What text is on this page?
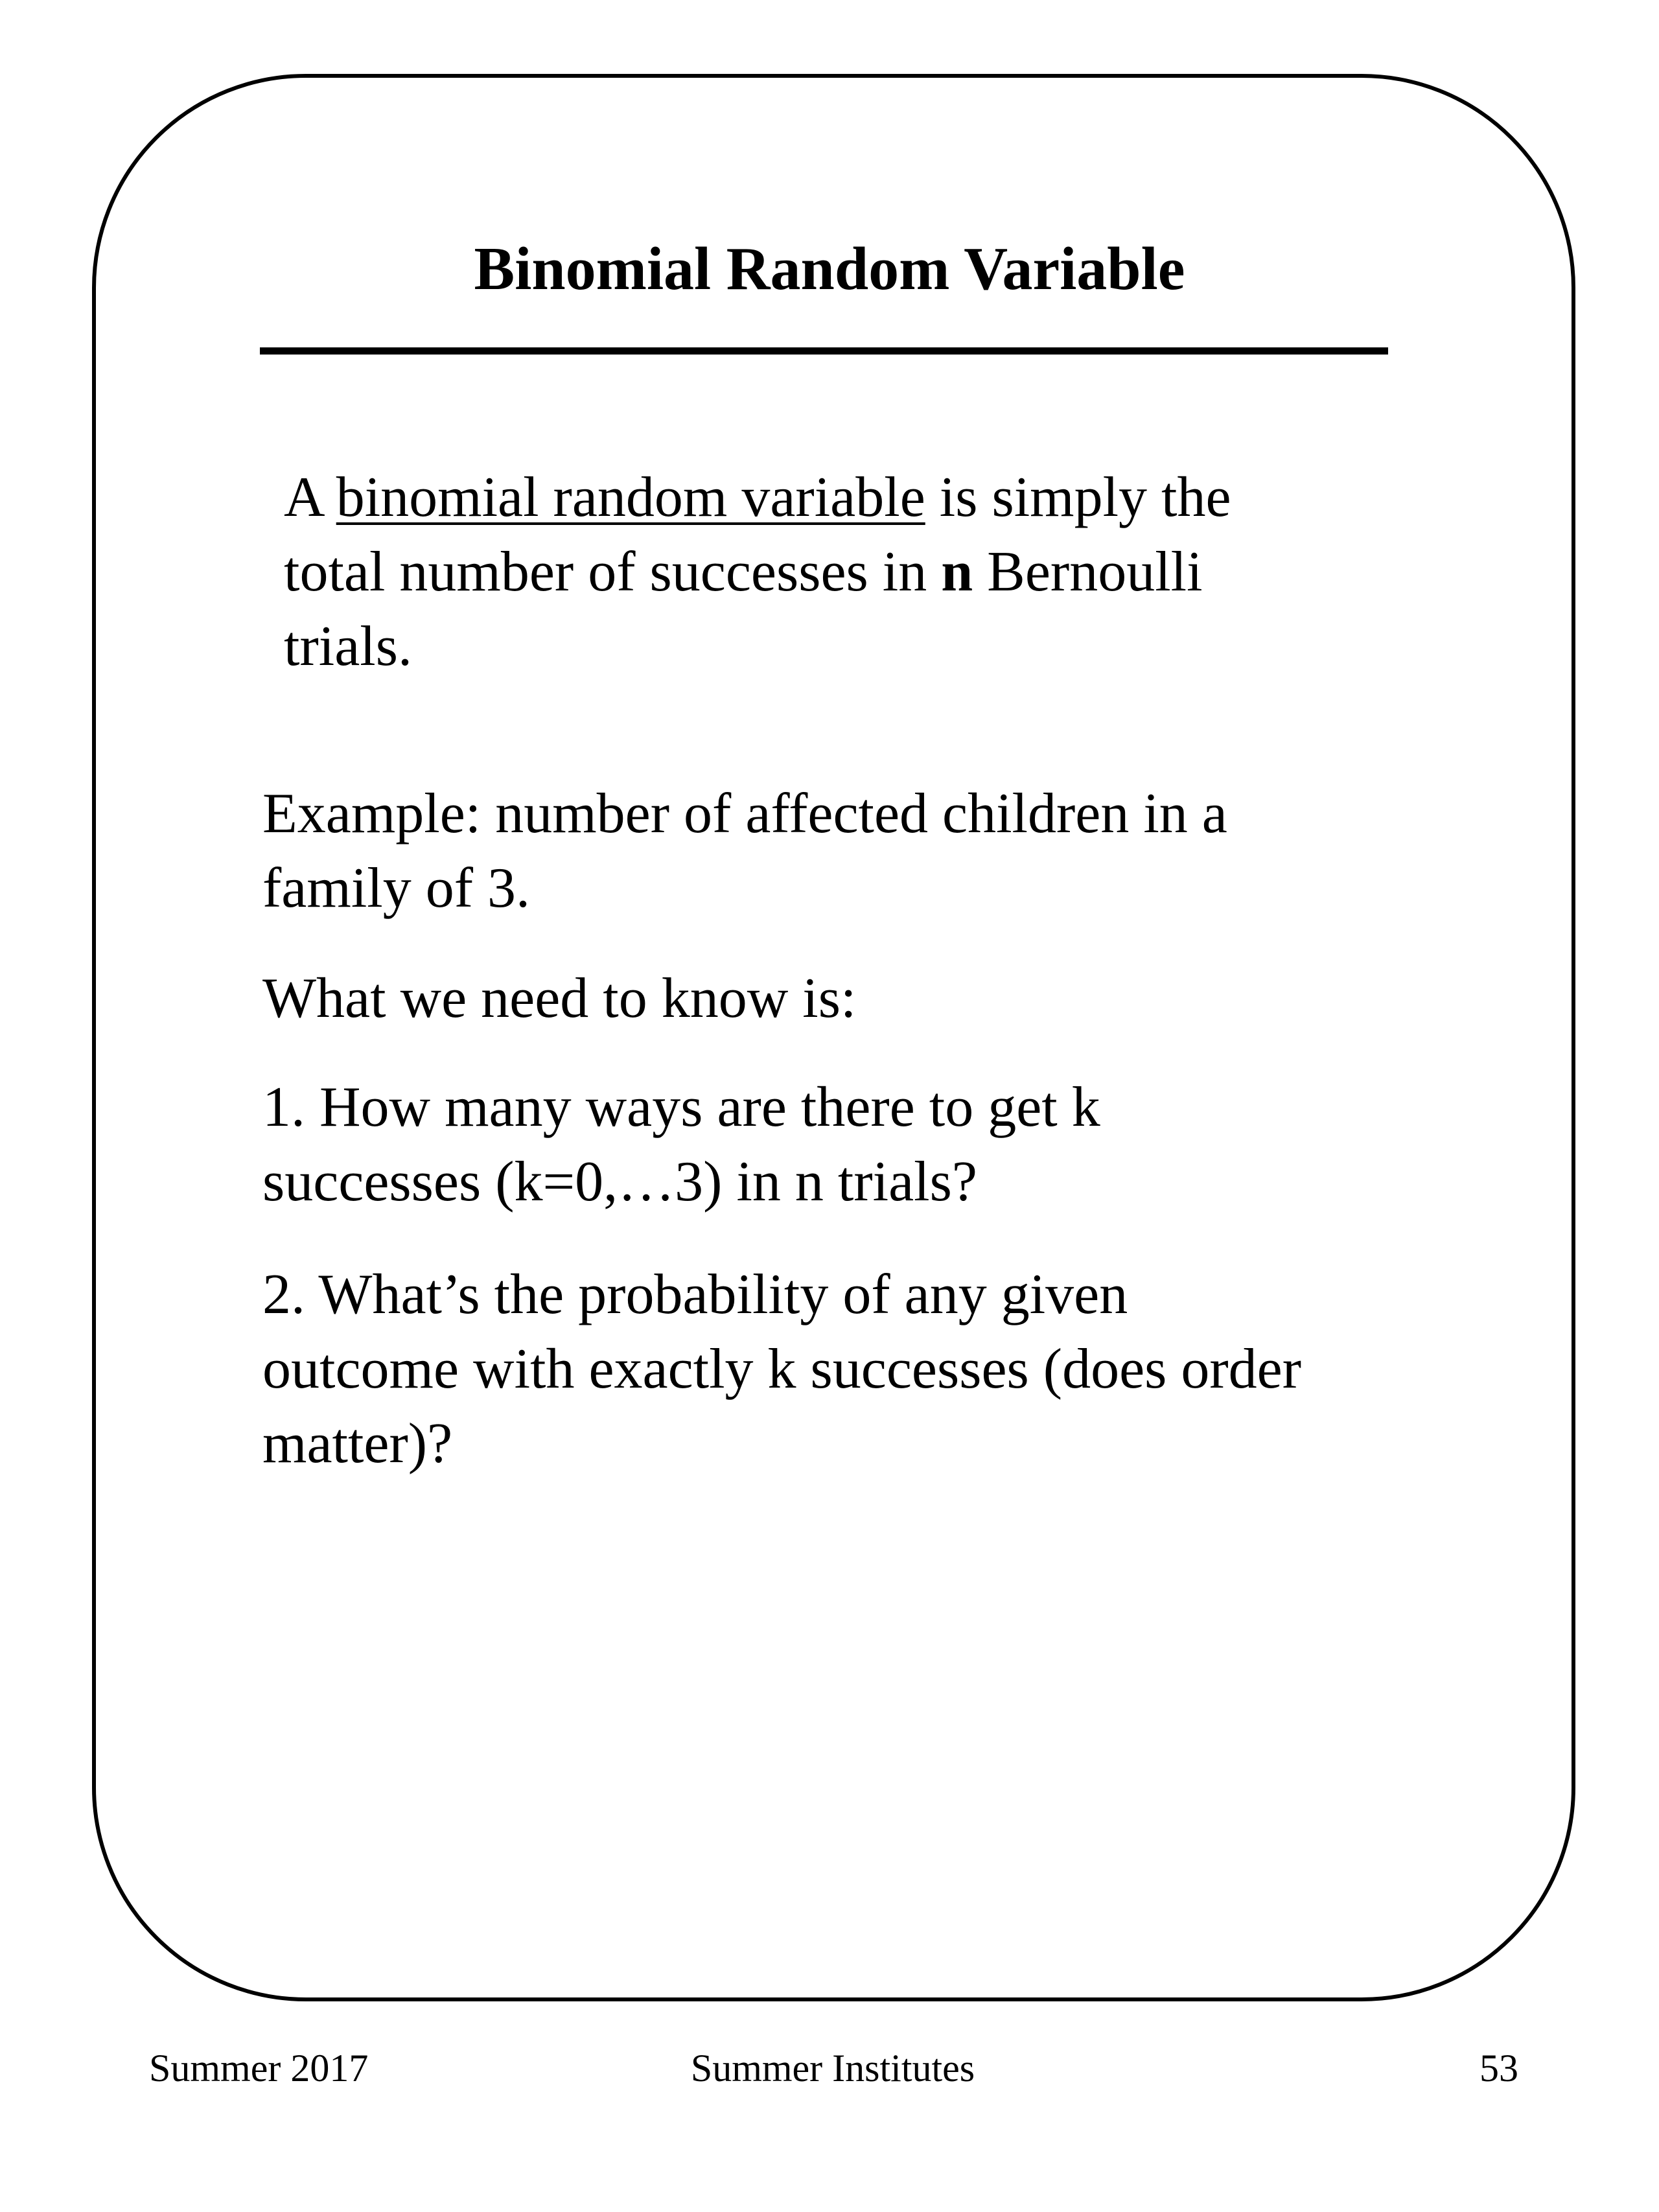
Binomial Random Variable
A binomial random variable is simply the
total number of successes in n Bernoulli
trials.
Example: number of affected children in a
family of 3.
What we need to know is:
1. How many ways are there to get k
successes (k=0,…3) in n trials?
2. What’s the probability of any given
outcome with exactly k successes (does order
matter)?
Summer 2017	Summer Institutes	53
